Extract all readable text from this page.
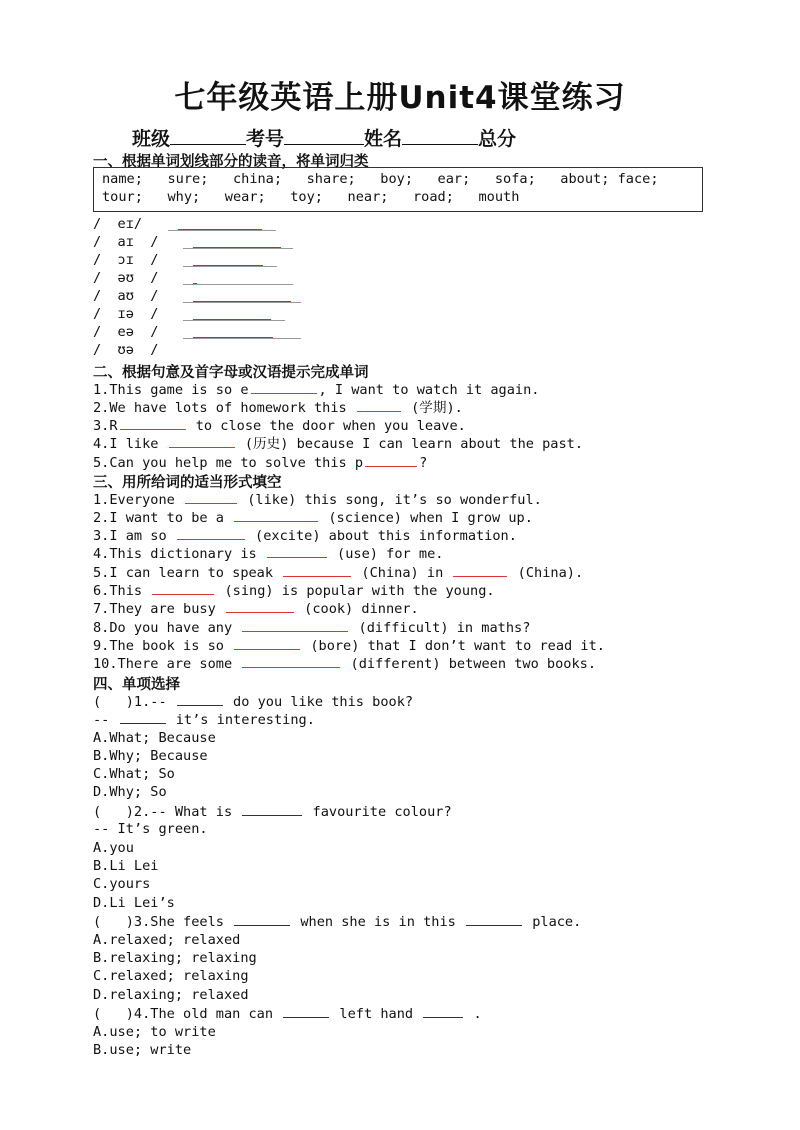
七年级英语上册Unit4课堂练习
班级	考号	姓名	总分
一、根据单词划线部分的读音，将单词归类
name;   sure;   china;   share;   boy;   ear;   sofa;   about; face;
tour;   why;   wear;   toy;   near;   road;   mouth
/  eɪ/
/  aɪ  /
/  ɔɪ  /
/  əʊ  /
/  aʊ  /
/  ɪə  /
/  eə  /
/  ʊə  /
二、根据句意及首字母或汉语提示完成单词
1.This game is so e	, I want to watch it again.
2.We have lots of homework this	(学期).
3.R	to close the door when you leave.
4.I like	(历史) because I can learn about the past.
5.Can you help me to solve this p	?
三、用所给词的适当形式填空
1.Everyone	(like) this song, it’s so wonderful.
2.I want to be a	(science) when I grow up.
3.I am so	(excite) about this information.
4.This dictionary is	(use) for me.
5.I can learn to speak	(China) in	(China).
6.This	(sing) is popular with the young.
7.They are busy	(cook) dinner.
8.Do you have any	(difficult) in maths?
9.The book is so	(bore) that I don’t want to read it.
10.There are some	(different) between two books.
四、单项选择
(   )1.--	do you like this book?
--	it’s interesting.
A.What; Because
B.Why; Because
C.What; So
D.Why; So
(   )2.-- What is	favourite colour?
-- It’s green.
A.you
B.Li Lei
C.yours
D.Li Lei’s
(   )3.She feels	when she is in this	place.
A.relaxed; relaxed
B.relaxing; relaxing
C.relaxed; relaxing
D.relaxing; relaxed
(   )4.The old man can	left hand	.
A.use; to write
B.use; write
